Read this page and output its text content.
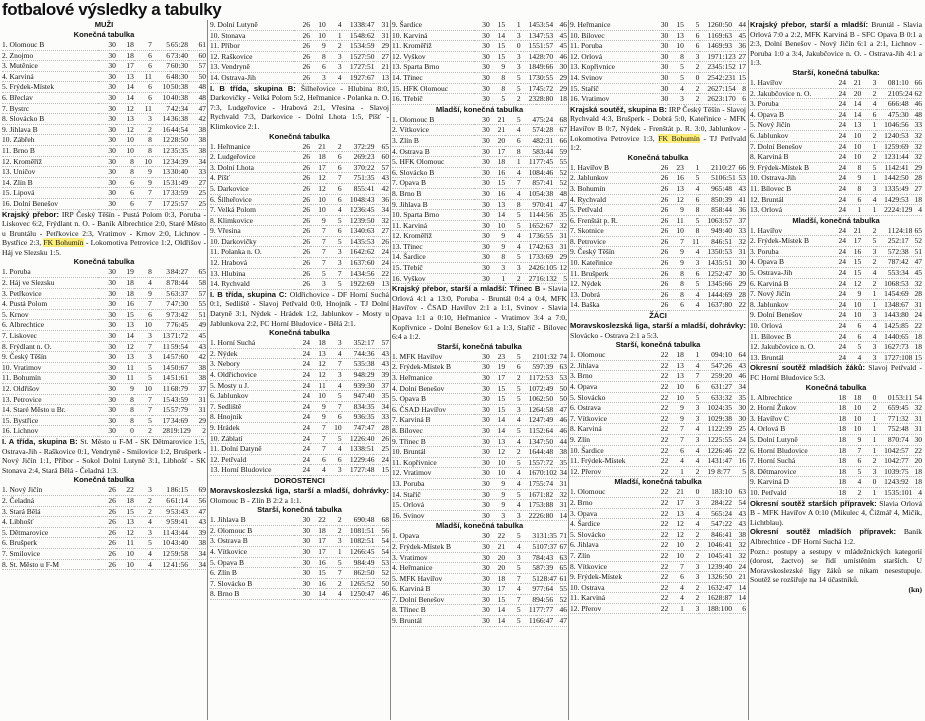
fotbalové výsledky a tabulky
MUŽI
Konečná tabulka
1. Olomouc B	30	18	7	5	65:28	61
2. Znojmo	30	18	6	6	73:40	60
3. Mutěnice	30	17	6	7	60:30	57
4. Karviná	30	13	11	6	48:30	50
5. Frýdek-Místek	30	14	6	10	50:38	48
6. Břeclav	30	14	6	10	40:38	48
7. Bystrc	30	12	11	7	42:34	47
8. Slovácko B	30	13	3	14	36:38	42
9. Jihlava B	30	12	2	16	44:54	38
10. Zábřeh	30	10	8	12	28:50	38
11. Brno B	30	10	8	12	35:35	38
12. Kroměříž	30	8	10	12	34:39	34
13. Uničov	30	8	9	13	30:40	33
14. Zlín B	30	6	9	15	31:49	27
15. Lipová	30	6	7	17	33:59	25
16. Dolní Benešov	30	6	7	17	25:57	25
Krajský přebor: IRP Český Těšín - Pustá Polom 0:3, Poruba - Liskovec 6:2, Frýdlant n. O. - Baník Albrechtice 2:0, Staré Město u Bruntálu - Petřkovice 2:3, Vratimov - Krnov 2:0, Lichnov - Bystřice 2:3, FK Bohumín - Lokomotiva Petrovice 1:2, Oldřišov - Háj ve Slezsku 1:5.
Konečná tabulka
1. Poruba	30	19	8	3	84:27	65
2. Háj ve Slezsku	30	18	4	8	78:44	58
3. Petřkovice	30	18	9	5	63:37	57
4. Pustá Polom	30	16	7	7	47:30	55
5. Krnov	30	15	6	9	73:42	51
6. Albrechtice	30	13	10	7	76:45	49
7. Liskovec	30	14	3	13	71:72	45
8. Frýdlant n. O.	30	12	7	11	59:54	43
9. Český Těšín	30	13	3	14	57:60	42
10. Vratimov	30	11	5	14	50:67	38
11. Bohumín	30	11	5	14	51:61	38
12. Oldřišov	30	9	10	11	68:79	37
13. Petrovice	30	8	7	15	43:59	31
14. Staré Město u Br.	30	8	7	15	57:79	31
15. Bystřice	30	8	5	17	34:69	29
16. Lichnov	30	0	2	28	19:129	2
I. A třída, skupina B: St. Město u F-M - SK Dětmarovice 1:5, Ostrava-Jih - Raškovice 0:1, Vendryně - Smilovice 1:2, Brušperk - Nový Jičín 1:1, Příbor - Sokol Dolní Lutyně 3:1, Libhošť - SK Stonava 2:4, Stará Bělá - Čeladná 1:3.
Konečná tabulka
1. Nový Jičín	26	22	3	1	86:15	69
2. Čeladná	26	18	2	6	61:14	56
3. Stará Bělá	26	15	2	9	53:43	47
4. Libhošť	26	13	4	9	59:41	43
5. Dětmarovice	26	12	3	11	43:44	39
6. Brušperk	26	11	5	10	43:40	38
7. Smilovice	26	10	4	12	59:58	34
8. St. Město u F-M	26	10	4	12	41:56	34
9. Dolní Lutyně	26	10	4	13	38:47	31
10. Stonava	26	10	1	15	48:62	31
11. Příbor	26	9	2	15	34:59	29
12. Raškovice	26	8	3	15	27:50	27
13. Vendryně	26	6	3	17	27:51	21
14. Ostrava-Jih	26	3	4	19	27:67	13
I. B třída, skupina B: Šilheřovice - Hlubina 8:0, Darkovičky - Velká Polom 5:2, Heřmanice - Polanka n. O. 7:3, Ludgeřovice - Hrabová 2:1, Vřesina - Slavoj Rychvald 7:3, Darkovice - Dolní Lhota 1:5, Píšť - Klimkovice 2:1.
Konečná tabulka
1. Heřmanice	26	21	2	3	72:29	65
2. Ludgeřovice	26	18	6	2	69:23	60
3. Dolní Lhota	26	17	6	3	70:22	57
4. Píšť	26	12	7	7	51:35	43
5. Darkovice	26	12	6	8	55:41	42
6. Šilheřovice	26	10	6	10	48:43	36
7. Velká Polom	26	10	4	12	36:45	34
8. Klimkovice	26	9	5	12	39:50	32
9. Vřesina	26	7	6	13	40:63	27
10. Darkovičky	26	7	5	14	35:53	26
11. Polanka n. O.	26	7	3	16	42:62	24
12. Hrabová	26	7	3	16	37:60	24
13. Hlubina	26	5	7	14	34:56	22
14. Rychvald	26	3	5	19	22:69	13
I. B třída, skupina C: Oldřichovice - DF Horní Suchá 0:1, Sedliště - Slavoj Petřvald 0:0, Hnojník - TJ Dolní Datyně 3:1, Nýdek - Hrádek 1:2, Jablunkov - Mosty u Jablunkova 2:2, FC Horní Bludovice - Bělá 2:1.
Konečná tabulka
1. Horní Suchá	24	18	3	3	52:17	57
2. Nýdek	24	13	4	7	44:36	43
3. Nebory	24	12	7	5	35:38	43
4. Oldřichovice	24	12	3	9	48:29	39
5. Mosty u J.	24	11	4	9	39:30	37
6. Jablunkov	24	10	5	9	47:40	35
7. Sedliště	24	9	7	8	34:35	34
8. Hnojník	24	9	6	9	36:35	33
9. Hrádek	24	7	10	7	47:47	28
10. Záblatí	24	7	5	12	26:40	26
11. Dolní Datyně	24	7	4	13	38:51	25
12. Petřvald	24	6	6	12	29:46	24
13. Horní Bludovice	24	4	3	17	27:48	15
DOROSTENCI
Moravskoslezská liga, starší a mladší, dohrávky: Olomouc B - Zlín B 2:2 a 1:1.
Starší, konečná tabulka
1. Jihlava B	30	22	2	6	90:48	68
2. Olomouc B	30	18	2	10	81:51	56
3. Ostrava B	30	17	3	10	82:51	54
4. Vítkovice	30	17	1	12	66:45	54
5. Opava B	30	16	5	9	84:49	53
6. Zlín B	30	15	7	8	62:50	52
7. Slovácko B	30	16	2	12	65:52	50
8. Brno B	30	14	4	12	50:47	46
9. Šardice	30	15	1	14	53:54	46
10. Karviná	30	14	3	13	47:53	45
11. Kroměříž	30	15	0	15	51:57	45
12. Vyškov	30	15	3	14	28:70	46
13. Sparta Brno	30	9	3	18	49:66	30
14. Třinec	30	8	5	17	30:55	29
15. HFK Olomouc	30	8	5	17	45:72	29
16. Třebíč	30	5	2	23	28:80	18
Mladší, konečná tabulka
1. Olomouc B	30	21	5	4	75:24	68
2. Vítkovice	30	21	4	5	74:28	67
3. Zlín B	30	20	6	4	82:31	66
4. Ostrava B	30	17	8	5	83:44	59
5. HFK Olomouc	30	18	1	11	77:45	55
6. Slovácko B	30	16	4	10	84:46	52
7. Opava B	30	15	7	8	57:41	52
8. Brno B	30	16	4	10	54:38	48
9. Jihlava B	30	13	8	9	70:41	47
10. Sparta Brno	30	14	5	11	44:56	35
11. Karviná	30	10	5	16	52:67	32
12. Kroměříž	30	9	4	17	36:55	31
13. Třinec	30	9	4	17	42:63	31
14. Šardice	30	8	5	17	33:69	29
15. Třebíč	30	3	3	24	26:105	12
16. Vyškov	30	1	2	27	16:132	5
Krajský přebor, starší a mladší: Třinec B - Slavia Orlová 4:1 a 13:0, Poruba - Bruntál 0:4 a 0:4, MFK Havířov - ČSAD Havířov 2:1 a 1:1, Svinov - Slavia Opava 1:1 a 0:10, Heřmanice - Vratimov 3:4 a 7:0, Kopřivnice - Dolní Benešov 6:1 a 1:3, Staříč - Bílovec 6:4 a 1:2.
Starší, konečná tabulka
1. MFK Havířov	30	23	5	2	101:32	74
2. Frýdek-Místek B	30	19	6	5	97:39	63
3. Heřmanice	30	17	2	11	72:53	53
4. Dolní Benešov	30	15	5	10	72:49	50
5. Opava B	30	15	5	10	62:50	50
6. ČSAD Havířov	30	15	3	12	64:58	47
7. Karviná B	30	14	4	12	47:49	46
8. Bílovec	30	14	5	11	52:64	46
9. Třinec B	30	13	4	13	47:50	44
10. Bruntál	30	12	2	16	44:48	38
11. Kopřivnice	30	10	5	15	57:72	35
12. Vratimov	30	10	4	16	70:102	34
13. Poruba	30	9	4	17	55:74	31
14. Staříč	30	9	5	16	71:82	32
15. Orlová	30	9	4	17	53:88	31
16. Svinov	30	3	3	22	26:80	14
Mladší, konečná tabulka
1. Opava	30	22	5	3	131:35	71
2. Frýdek-Místek B	30	21	4	5	107:37	67
3. Vratimov	30	20	3	7	84:43	63
4. Heřmanice	30	20	5	5	87:39	65
5. MFK Havířov	30	18	7	5	128:47	61
6. Karviná B	30	17	4	9	77:64	55
7. Dolní Benešov	30	15	7	8	94:56	52
8. Třinec B	30	14	5	11	77:77	46
9. Bruntál	30	14	5	11	66:47	47
9. Heřmanice	30	15	5	12	60:50	44
10. Bílovec	30	13	6	11	69:63	45
11. Poruba	30	10	6	14	69:93	36
12. Orlová	30	8	3	19	71:123	27
13. Kopřivnice	30	5	2	23	45:152	17
14. Svinov	30	5	0	25	42:231	15
15. Staříč	30	4	2	26	27:154	8
16. Vratimov	30	3	2	26	23:170	6
Krajská soutěž, skupina B: IRP Český Těšín - Slavoj Rychvald 4:3, Brušperk - Dobrá 5:0, Kateřinice - MFK Havířov B 0:7, Nýdek - Frenštát p. R. 3:0, Jablunkov - Lokomotiva Petrovice 1:3, FK Bohumín - TJ Petřvald 1:2.
Konečná tabulka
1. Havířov B	26	23	1	2	110:27	66
2. Jablunkov	26	16	5	5	106:51	53
3. Bohumín	26	13	4	9	65:48	43
4. Rychvald	26	12	6	8	50:39	41
5. Petřvald	26	9	8	8	58:44	36
6. Frenštát p. R.	26	11	5	10	63:57	37
7. Skotnice	26	10	8	9	49:40	33
8. Petrovice	26	7	11	8	46:51	32
9. Český Těšín	26	9	4	13	50:53	31
10. Kateřinice	26	9	3	14	35:51	30
11. Brušperk	26	8	6	12	52:47	30
12. Nýdek	26	8	5	13	45:66	29
13. Dobrá	26	8	4	14	44:69	28
14. Baška	26	6	4	16	37:80	22
ŽÁCI
Moravskoslezská liga, starší a mladší, dohrávky: Slovácko - Ostrava 2:1 a 5:3.
Starší, konečná tabulka
1. Olomouc	22	18	1	0	94:10	64
2. Jihlava	22	13	4	5	47:26	43
3. Brno	22	13	7	2	59:20	46
4. Opava	22	10	6	6	31:27	34
5. Slovácko	22	10	5	6	33:32	35
6. Ostrava	22	9	3	10	24:35	30
7. Vítkovice	22	9	3	10	29:38	30
8. Karviná	22	7	4	11	22:39	25
9. Zlín	22	7	3	12	25:55	24
10. Šardice	22	6	4	12	26:46	22
11. Frýdek-Místek	22	4	4	14	31:47	16
12. Přerov	22	1	2	19	8:77	5
Mladší, konečná tabulka
1. Olomouc	22	21	0	1	83:10	63
2. Brno	22	17	3	2	84:22	54
3. Opava	22	13	4	5	65:24	43
4. Šardice	22	12	4	5	47:22	43
5. Slovácko	22	12	2	8	46:41	38
6. Jihlava	22	10	2	10	46:41	32
7. Zlín	22	10	2	10	45:41	32
8. Vítkovice	22	7	3	12	39:40	24
9. Frýdek-Místek	22	6	3	13	26:50	21
10. Ostrava	22	4	2	16	32:47	14
11. Karviná	22	4	2	16	28:87	14
12. Přerov	22	1	3	18	8:100	6
Krajský přebor, starší a mladší: Bruntál - Slavia Orlová 7:0 a 2:2, MFK Karviná B - SFC Opava B 0:1 a 2:3, Dolní Benešov - Nový Jičín 6:1 a 2:1, Lichnov - Poruba 1:0 a 3:4, Jakubčovice n. O. - Ostrava-Jih 4:1 a 1:3.
Starší, konečná tabulka:
1. Havířov	24	21	3	0	81:10	66
2. Jakubčovice n. O.	24	20	2	2	105:24	62
3. Poruba	24	14	4	6	66:48	46
4. Opava B	24	14	6	4	75:30	48
5. Nový Jičín	24	13	1	10	46:56	33
6. Jablunkov	24	10	2	12	40:53	32
7. Dolní Benešov	24	10	1	12	59:69	32
8. Karviná B	24	10	2	12	31:44	32
9. Frýdek-Místek B	24	8	5	11	42:41	29
10. Ostrava-Jih	24	9	1	14	42:50	28
11. Bílovec B	24	8	3	13	35:49	27
12. Bruntál	24	6	4	14	29:53	18
13. Orlová	24	1	1	22	24:129	4
Mladší, konečná tabulka
1. Havířov	24	21	2	1	124:18	65
2. Frýdek-Místek B	24	17	5	2	52:17	52
3. Poruba	24	16	3	5	72:38	51
4. Opava B	24	15	2	7	87:42	47
5. Ostrava-Jih	24	15	4	5	53:34	45
6. Karviná B	24	12	2	10	68:53	32
7. Nový Jičín	24	9	1	14	54:69	28
8. Jablunkov	24	10	1	13	48:67	31
9. Dolní Benešov	24	10	3	14	43:80	24
10. Orlová	24	6	4	14	25:85	22
11. Bílovec B	24	6	4	14	40:65	18
12. Jakubčovice n. O.	24	5	3	16	27:73	18
13. Bruntál	24	4	3	17	27:108	15
Okresní soutěž mladších žáků: Slavoj Petřvald - FC Horní Bludovice 5:3.
Konečná tabulka
1. Albrechtice	18	18	0	0	153:11	54
2. Horní Žukov	18	10	2	6	59:45	32
3. Havířov C	18	10	1	7	71:32	31
4. Orlová B	18	10	1	7	52:48	31
5. Dolní Lutyně	18	9	1	8	70:74	30
6. Horní Bludovice	18	7	1	10	42:57	22
7. Horní Suchá	18	6	2	10	42:77	20
8. Dětmarovice	18	5	3	10	39:75	18
9. Karviná D	18	4	0	12	43:92	18
10. Petřvald	18	2	1	15	35:101	4
Okresní soutěž starších přípravek: Slavia Orlová B - MFK Havířov A 0:10 (Mikulec 4, Čižmář 4, Mičík, Lichtblau).
Okresní soutěž mladších přípravek: Baník Albrechtice - DF Horní Suchá 1:2.
Pozn.: postupy a sestupy v mládežnických kategorií (dorost, žactvo) se řídí umístěním starších. U Moravskoslezské ligy žáků se nikam nesestupuje. Soutěž se rozšiřuje na 14 účastníků.
(kn)
